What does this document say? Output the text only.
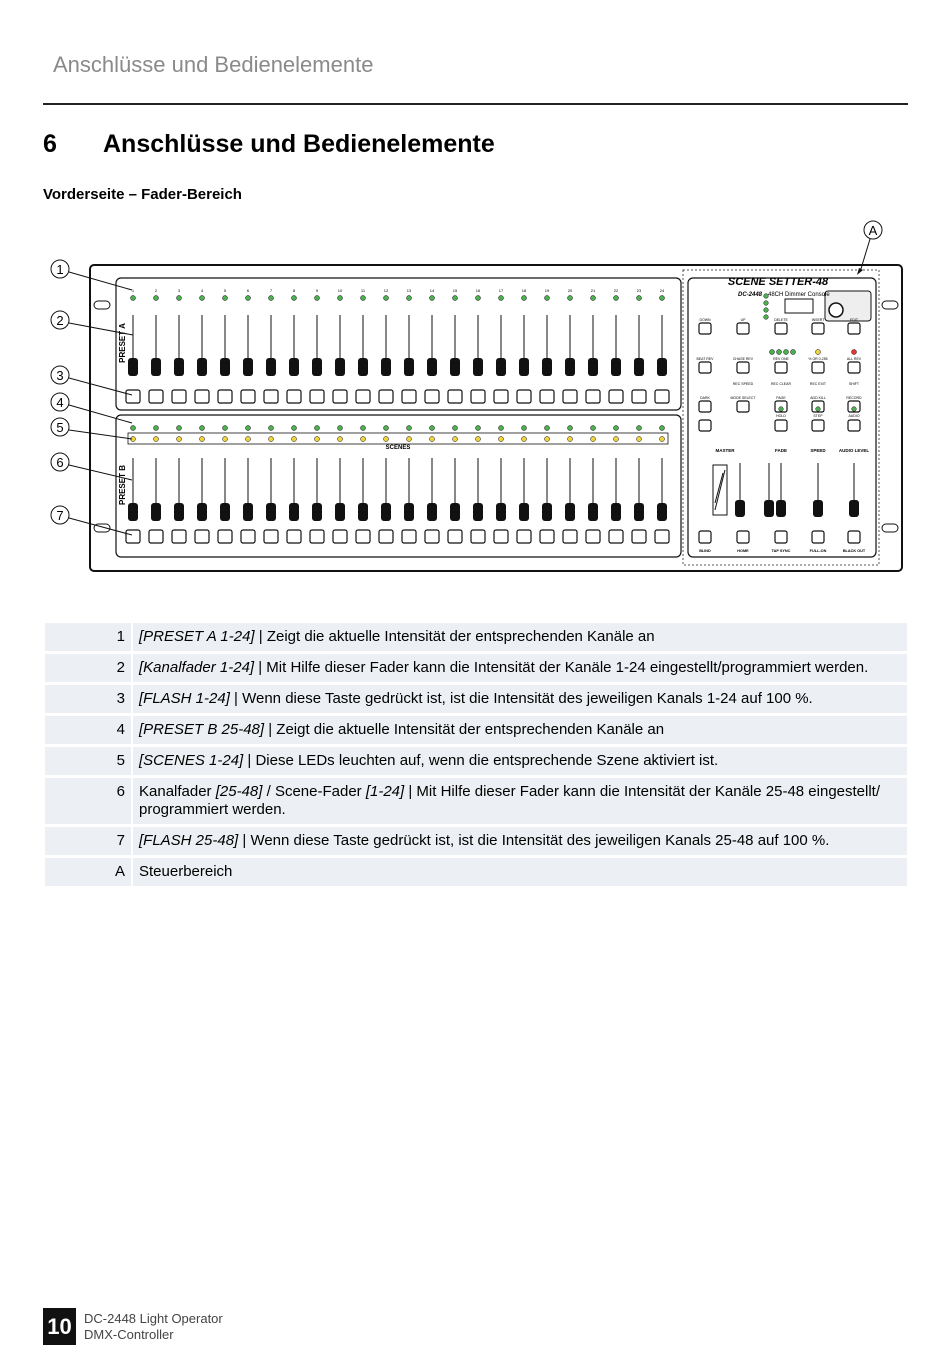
Anschlüsse und Bedienelemente
6 Anschlüsse und Bedienelemente
Vorderseite – Fader-Bereich
A
SCENE SETTER-48
DC-2448 48CH Dimmer Console
PRESET A
PRESET B
SCENES
1	2	3	4	5	6	7	8	9	10	11	12	13	14	15	16	17	18	19	20	21	22	23	24
DOWN	UP	DELETE	INSERT	EDIT
BEAT REV	CHASE REV	REV ONE	% OR 0-255	ALL REV
DARK	MODE SELECT	PAGE	ADD KILL	RECORD
REC SPEED	REC CLEAR	REC EXIT	SHIFT
HOLD	STEP	AUDIO
MASTER	FADE	SPEED	AUDIO LEVEL
BLIND	HOME	TAP SYNC	FULL-ON	BLACK OUT
1
2
3
4
5
6
7
1		[PRESET A 1-24] | Zeigt die aktuelle Intensität der entsprechenden Kanäle an
2		[Kanalfader 1-24] | Mit Hilfe dieser Fader kann die Intensität der Kanäle 1-24 eingestellt/programmiert werden.
3		[FLASH 1-24] | Wenn diese Taste gedrückt ist, ist die Intensität des jeweiligen Kanals 1-24 auf 100 %.
4		[PRESET B 25-48] | Zeigt die aktuelle Intensität der entsprechenden Kanäle an
5		[SCENES 1-24] | Diese LEDs leuchten auf, wenn die entsprechende Szene aktiviert ist.
6		Kanalfader [25-48] / Scene-Fader [1-24] | Mit Hilfe dieser Fader kann die Intensität der Kanäle 25-48 eingestellt/ programmiert werden.
7		[FLASH 25-48] | Wenn diese Taste gedrückt ist, ist die Intensität des jeweiligen Kanals 25-48 auf 100 %.
A		Steuerbereich
10 DC-2448 Light Operator
DMX-Controller
